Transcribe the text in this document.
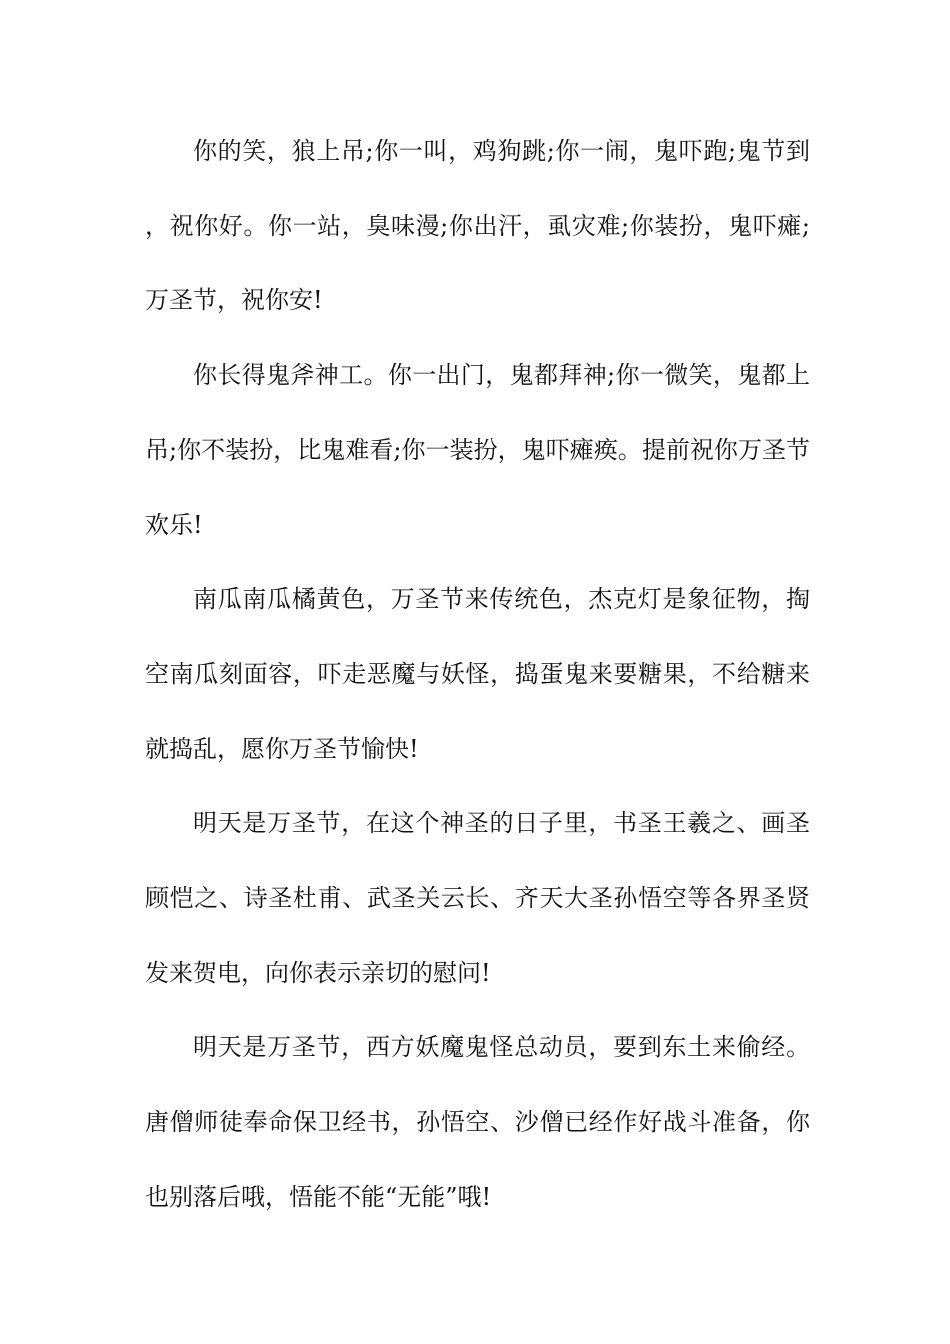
你的笑，狼上吊;你一叫，鸡狗跳;你一闹，鬼吓跑;鬼节到，祝你好。你一站，臭味漫;你出汗，虱灾难;你装扮，鬼吓瘫;万圣节，祝你安!

你长得鬼斧神工。你一出门，鬼都拜神;你一微笑，鬼都上吊;你不装扮，比鬼难看;你一装扮，鬼吓瘫痪。提前祝你万圣节欢乐!

南瓜南瓜橘黄色，万圣节来传统色，杰克灯是象征物，掏空南瓜刻面容，吓走恶魔与妖怪，捣蛋鬼来要糖果，不给糖来就捣乱，愿你万圣节愉快!

明天是万圣节，在这个神圣的日子里，书圣王羲之、画圣顾恺之、诗圣杜甫、武圣关云长、齐天大圣孙悟空等各界圣贤发来贺电，向你表示亲切的慰问!

明天是万圣节，西方妖魔鬼怪总动员，要到东土来偷经。唐僧师徒奉命保卫经书，孙悟空、沙僧已经作好战斗准备，你也别落后哦，悟能不能“无能”哦!
